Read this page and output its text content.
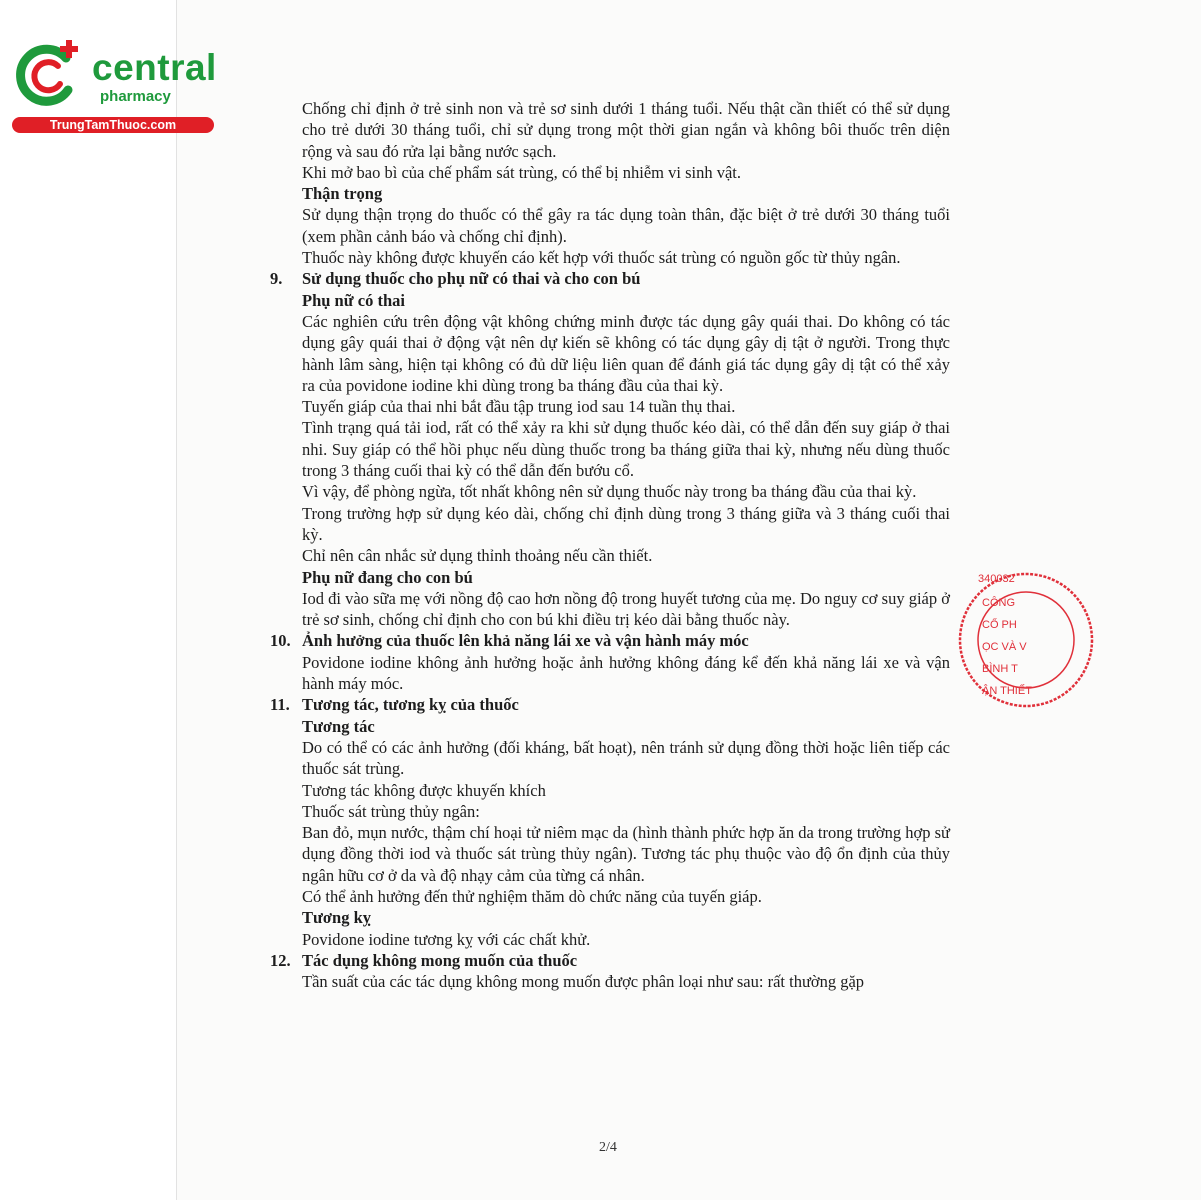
central
pharmacy
TrungTamThuoc.com
Chống chỉ định ở trẻ sinh non và trẻ sơ sinh dưới 1 tháng tuổi. Nếu thật cần thiết có thể sử dụng cho trẻ dưới 30 tháng tuổi, chỉ sử dụng trong một thời gian ngắn và không bôi thuốc trên diện rộng và sau đó rửa lại bằng nước sạch.
Khi mở bao bì của chế phẩm sát trùng, có thể bị nhiễm vi sinh vật.
Thận trọng
Sử dụng thận trọng do thuốc có thể gây ra tác dụng toàn thân, đặc biệt ở trẻ dưới 30 tháng tuổi (xem phần cảnh báo và chống chỉ định).
Thuốc này không được khuyến cáo kết hợp với thuốc sát trùng có nguồn gốc từ thủy ngân.
9. Sử dụng thuốc cho phụ nữ có thai và cho con bú
Phụ nữ có thai
Các nghiên cứu trên động vật không chứng minh được tác dụng gây quái thai. Do không có tác dụng gây quái thai ở động vật nên dự kiến sẽ không có tác dụng gây dị tật ở người. Trong thực hành lâm sàng, hiện tại không có đủ dữ liệu liên quan để đánh giá tác dụng gây dị tật có thể xảy ra của povidone iodine khi dùng trong ba tháng đầu của thai kỳ.
Tuyến giáp của thai nhi bắt đầu tập trung iod sau 14 tuần thụ thai.
Tình trạng quá tải iod, rất có thể xảy ra khi sử dụng thuốc kéo dài, có thể dẫn đến suy giáp ở thai nhi. Suy giáp có thể hồi phục nếu dùng thuốc trong ba tháng giữa thai kỳ, nhưng nếu dùng thuốc trong 3 tháng cuối thai kỳ có thể dẫn đến bướu cổ.
Vì vậy, để phòng ngừa, tốt nhất không nên sử dụng thuốc này trong ba tháng đầu của thai kỳ.
Trong trường hợp sử dụng kéo dài, chống chỉ định dùng trong 3 tháng giữa và 3 tháng cuối thai kỳ.
Chỉ nên cân nhắc sử dụng thỉnh thoảng nếu cần thiết.
Phụ nữ đang cho con bú
Iod đi vào sữa mẹ với nồng độ cao hơn nồng độ trong huyết tương của mẹ. Do nguy cơ suy giáp ở trẻ sơ sinh, chống chỉ định cho con bú khi điều trị kéo dài bằng thuốc này.
10. Ảnh hưởng của thuốc lên khả năng lái xe và vận hành máy móc
Povidone iodine không ảnh hưởng hoặc ảnh hưởng không đáng kể đến khả năng lái xe và vận hành máy móc.
11. Tương tác, tương kỵ của thuốc
Tương tác
Do có thể có các ảnh hưởng (đối kháng, bất hoạt), nên tránh sử dụng đồng thời hoặc liên tiếp các thuốc sát trùng.
Tương tác không được khuyến khích
Thuốc sát trùng thủy ngân:
Ban đỏ, mụn nước, thậm chí hoại tử niêm mạc da (hình thành phức hợp ăn da trong trường hợp sử dụng đồng thời iod và thuốc sát trùng thủy ngân). Tương tác phụ thuộc vào độ ổn định của thủy ngân hữu cơ ở da và độ nhạy cảm của từng cá nhân.
Có thể ảnh hưởng đến thử nghiệm thăm dò chức năng của tuyến giáp.
Tương kỵ
Povidone iodine tương kỵ với các chất khử.
12. Tác dụng không mong muốn của thuốc
Tần suất của các tác dụng không mong muốn được phân loại như sau: rất thường gặp
340032
CÔNG
CỔ PH
ỌC VÀ V
BÌNH T
ẬN THIẾT
2/4
